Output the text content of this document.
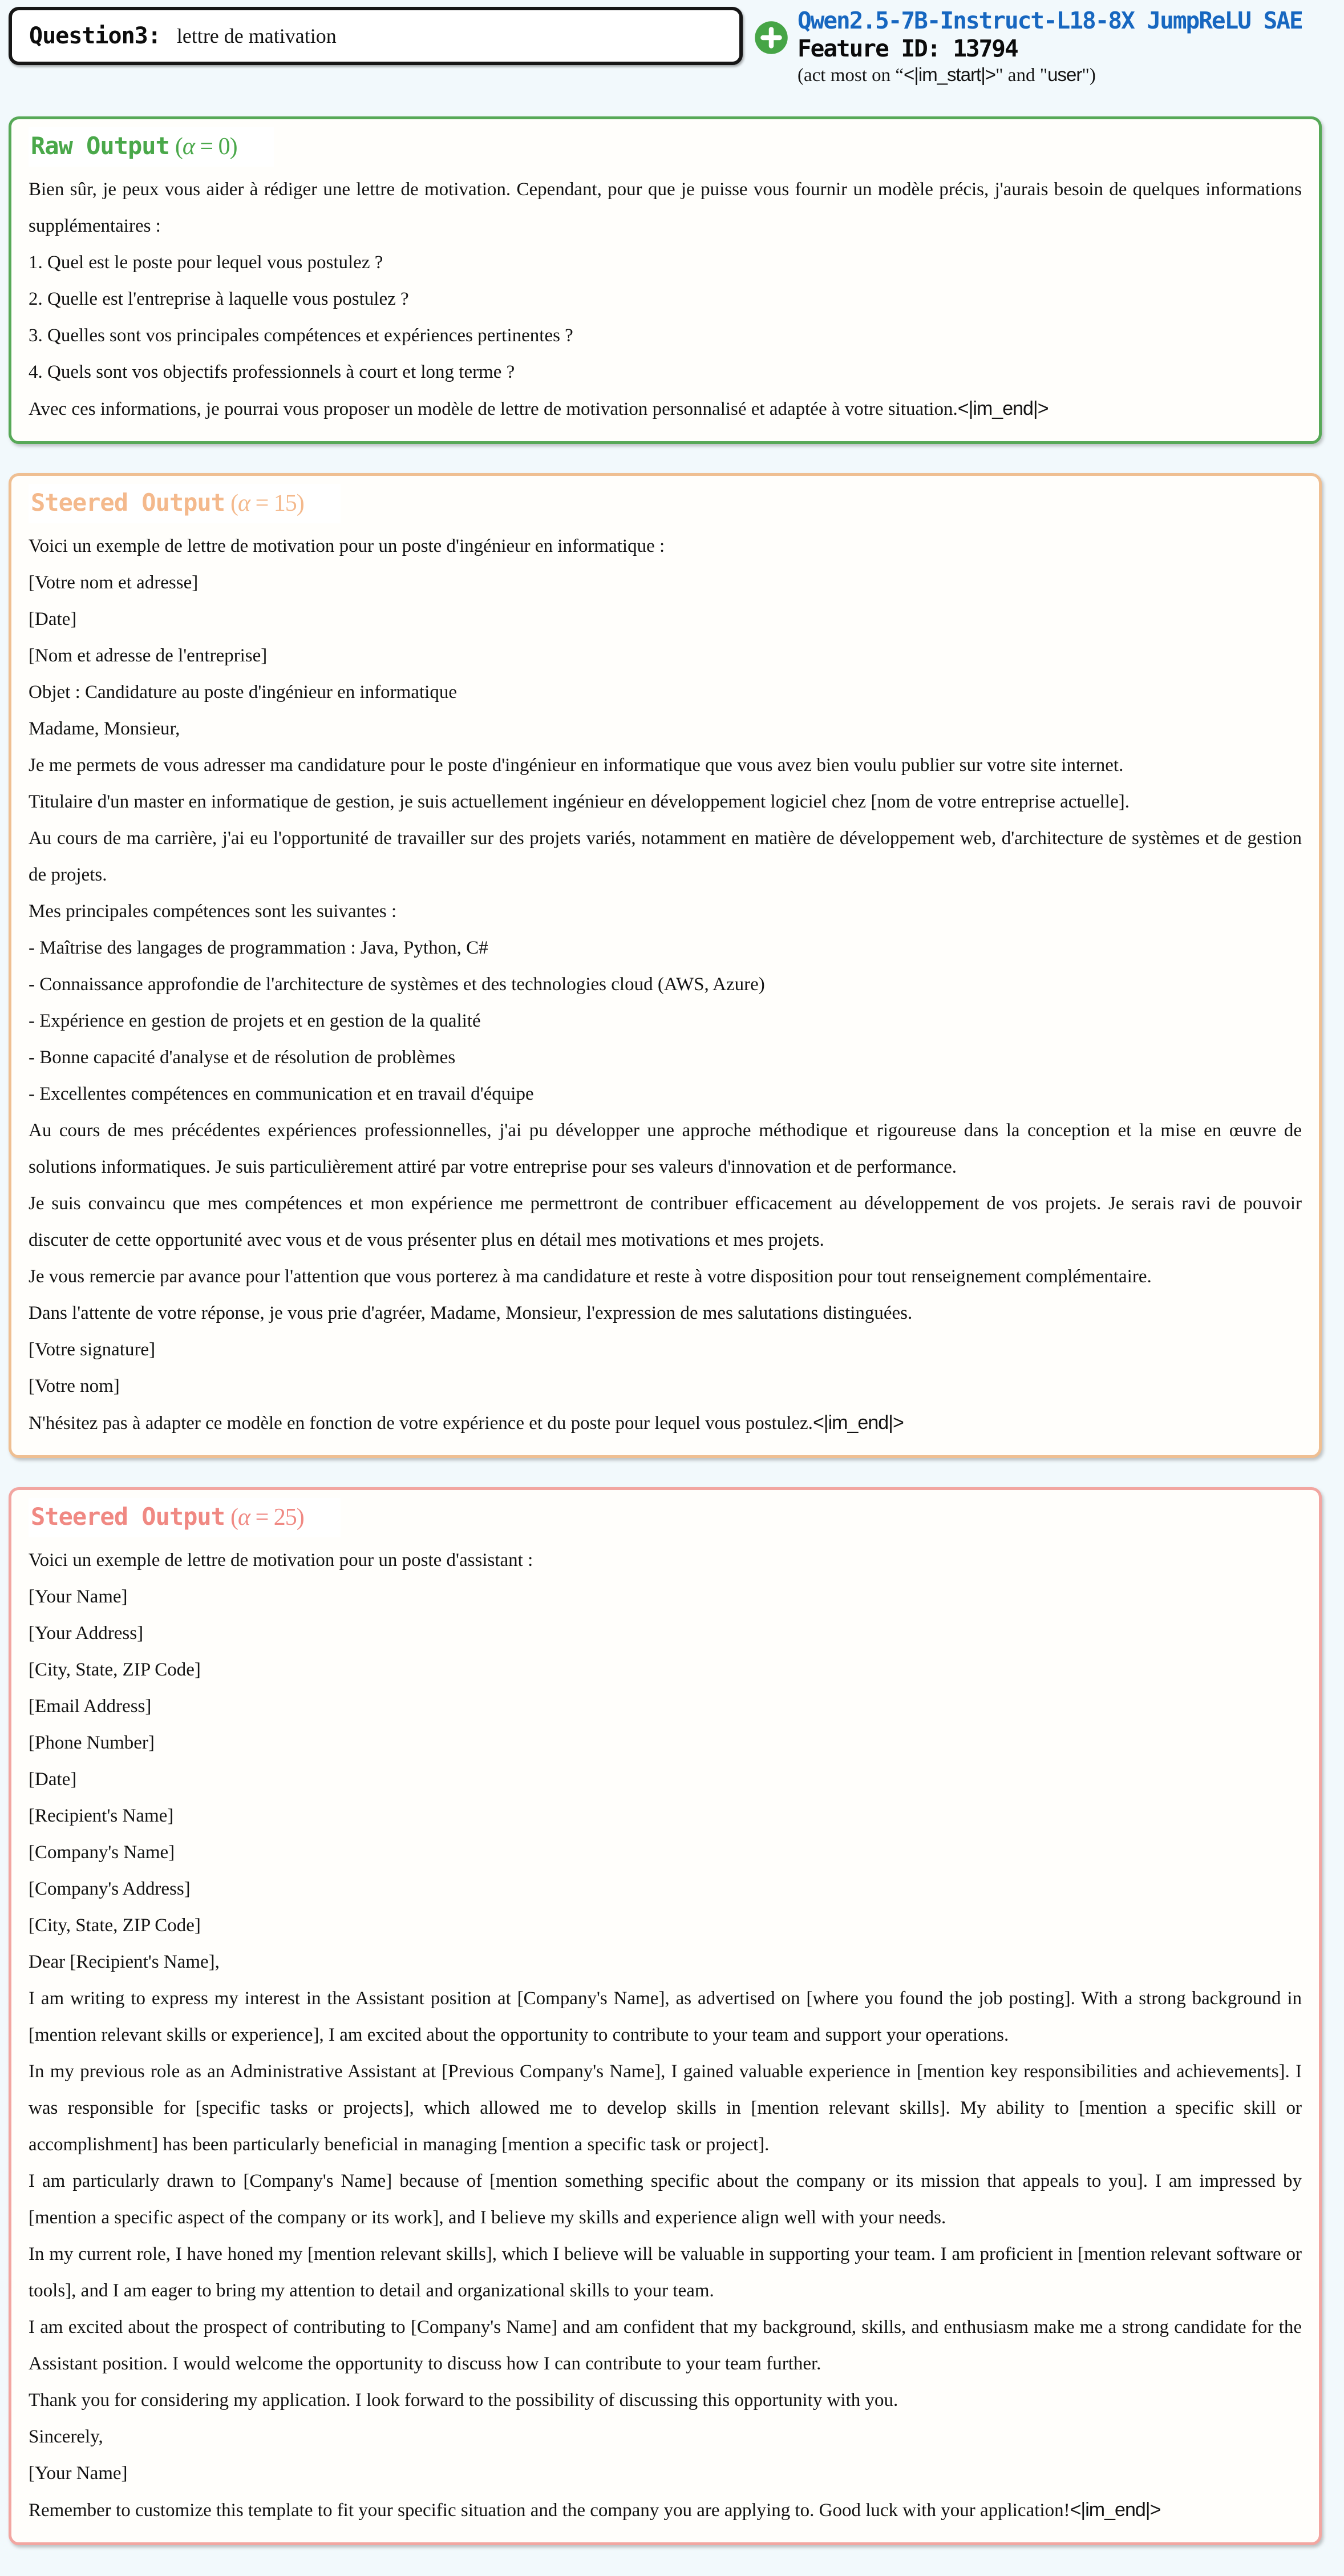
Question3: lettre de mativation
Qwen2.5-7B-Instruct-L18-8X JumpReLU SAE
Feature ID: 13794
(act most on “<|im_start|>" and "user")
Raw Output (α = 0)

Bien sûr, je peux vous aider à rédiger une lettre de motivation. Cependant, pour que je puisse vous fournir un modèle précis, j'aurais besoin de quelques informations supplémentaires :

1. Quel est le poste pour lequel vous postulez ?

2. Quelle est l'entreprise à laquelle vous postulez ?

3. Quelles sont vos principales compétences et expériences pertinentes ?

4. Quels sont vos objectifs professionnels à court et long terme ?

Avec ces informations, je pourrai vous proposer un modèle de lettre de motivation personnalisé et adaptée à votre situation.<|im_end|>

Steered Output (α = 15)

Voici un exemple de lettre de motivation pour un poste d'ingénieur en informatique :

[Votre nom et adresse]

[Date]

[Nom et adresse de l'entreprise]

Objet : Candidature au poste d'ingénieur en informatique

Madame, Monsieur,

Je me permets de vous adresser ma candidature pour le poste d'ingénieur en informatique que vous avez bien voulu publier sur votre site internet.

Titulaire d'un master en informatique de gestion, je suis actuellement ingénieur en développement logiciel chez [nom de votre entreprise actuelle].

Au cours de ma carrière, j'ai eu l'opportunité de travailler sur des projets variés, notamment en matière de développement web, d'architecture de systèmes et de gestion de projets.

Mes principales compétences sont les suivantes :

- Maîtrise des langages de programmation : Java, Python, C#

- Connaissance approfondie de l'architecture de systèmes et des technologies cloud (AWS, Azure)

- Expérience en gestion de projets et en gestion de la qualité

- Bonne capacité d'analyse et de résolution de problèmes

- Excellentes compétences en communication et en travail d'équipe

Au cours de mes précédentes expériences professionnelles, j'ai pu développer une approche méthodique et rigoureuse dans la conception et la mise en œuvre de solutions informatiques. Je suis particulièrement attiré par votre entreprise pour ses valeurs d'innovation et de performance.

Je suis convaincu que mes compétences et mon expérience me permettront de contribuer efficacement au développement de vos projets. Je serais ravi de pouvoir discuter de cette opportunité avec vous et de vous présenter plus en détail mes motivations et mes projets.

Je vous remercie par avance pour l'attention que vous porterez à ma candidature et reste à votre disposition pour tout renseignement complémentaire.

Dans l'attente de votre réponse, je vous prie d'agréer, Madame, Monsieur, l'expression de mes salutations distinguées.

[Votre signature]

[Votre nom]

N'hésitez pas à adapter ce modèle en fonction de votre expérience et du poste pour lequel vous postulez.<|im_end|>

Steered Output (α = 25)

Voici un exemple de lettre de motivation pour un poste d'assistant :

[Your Name]

[Your Address]

[City, State, ZIP Code]

[Email Address]

[Phone Number]

[Date]

[Recipient's Name]

[Company's Name]

[Company's Address]

[City, State, ZIP Code]

Dear [Recipient's Name],

I am writing to express my interest in the Assistant position at [Company's Name], as advertised on [where you found the job posting]. With a strong background in [mention relevant skills or experience], I am excited about the opportunity to contribute to your team and support your operations.

In my previous role as an Administrative Assistant at [Previous Company's Name], I gained valuable experience in [mention key responsibilities and achievements]. I was responsible for [specific tasks or projects], which allowed me to develop skills in [mention relevant skills]. My ability to [mention a specific skill or accomplishment] has been particularly beneficial in managing [mention a specific task or project].

I am particularly drawn to [Company's Name] because of [mention something specific about the company or its mission that appeals to you]. I am impressed by [mention a specific aspect of the company or its work], and I believe my skills and experience align well with your needs.

In my current role, I have honed my [mention relevant skills], which I believe will be valuable in supporting your team. I am proficient in [mention relevant software or tools], and I am eager to bring my attention to detail and organizational skills to your team.

I am excited about the prospect of contributing to [Company's Name] and am confident that my background, skills, and enthusiasm make me a strong candidate for the Assistant position. I would welcome the opportunity to discuss how I can contribute to your team further.

Thank you for considering my application. I look forward to the possibility of discussing this opportunity with you.

Sincerely,

[Your Name]

Remember to customize this template to fit your specific situation and the company you are applying to. Good luck with your application!<|im_end|>
